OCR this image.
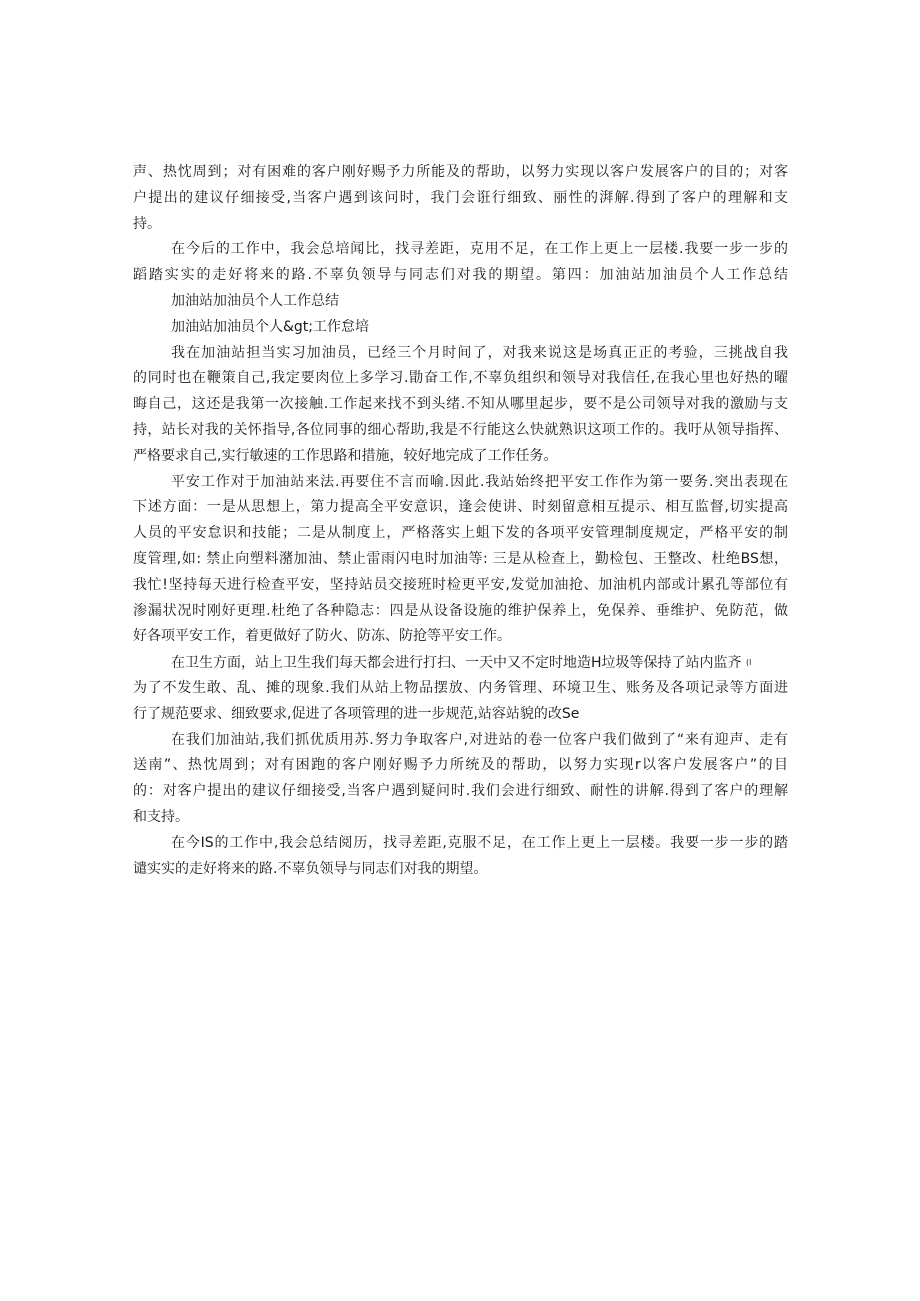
声、热忱周到；对有困难的客户刚好赐予力所能及的帮助，以努力实现以客户发展客户的目的；对客
户提出的建议仔细接受,当客户遇到该问时，我门会诳行细致、丽性的湃解.得到了客户的理解和支
持。
在今后的工作中，我会总培闻比，找寻差距，克用不足，在工作上更上一层楼.我要一步一步的
蹈踏实实的走好将来的路.不辜负领导与同志们对我的期望。第四：加油站加油员个人工作总结
加油站加油员个人工作总结
加油站加油员个人&gt;工作怠培
我在加油站担当实习加油员，已经三个月时间了，对我来说这是场真正正的考验，三挑战自我
的同时也在鞭策自己,我定要肉位上多学习.勖奋工作,不辜负组织和领导对我信任,在我心里也好热的曜
晦自己，这还是我第一次接触.工作起来找不到头绪.不知从哪里起步，要不是公司领导对我的激励与支
持，站长对我的关怀指导,各位同事的细心帮助,我是不行能这么快就熟识这项工作的。我吁从领导指挥、
严格要求自己,实行敏速的工作思路和措施，较好地完成了工作任务。
平安工作对于加油站来法.再要住不言而喻.因此.我站始终把平安工作作为第一要务.突出表现在
下述方面：一是从思想上，第力提高全平安意识，逢会使讲、时刻留意相互提示、相互监督,切实提高
人员的平安怠识和技能；二是从制度上，严格落实上蛆下发的各项平安管理制度规定，严格平安的制
度管理,如: 禁止向塑料潴加油、禁止雷雨闪电时加油等: 三是从检查上，勤检包、王整改、杜绝BS想，
我忙!坚持每天进行检查平安，坚持站员交接班时检更平安,发觉加油抢、加油机内部或计累孔等部位有
渗漏状况时刚好更理.杜绝了各种隐志：四是从设备设施的维护保养上，免保养、垂维护、免防范，做
好各项平安工作，着更做好了防火、防冻、防抢等平安工作。
在卫生方面，站上卫生我们每天都会进行打扫、一天中又不定时地造H垃圾等保持了站内监齐 (l
为了不发生敢、乱、摊的现象.我们从站上物品摆放、内务管理、环境卫生、账务及各项记录等方面进
行了规范要求、细致要求,促进了各项管理的进一步规范,站容站貌的改Se
在我们加油站,我们抓优质用苏.努力争取客户,对进站的卷一位客户我们做到了“来有迎声、走有
送南”、热忱周到；对有困跑的客户刚好赐予力所统及的帮助，以努力实现r以客户发展客户”的目
的：对客户提出的建议仔细接受,当客户遇到疑问时.我们会进行细致、耐性的讲解.得到了客户的理解
和支持。
在今IS的工作中,我会总结阅历，找寻差距,克服不足，在工作上更上一层楼。我要一步一步的踏
谴实实的走好将来的路.不辜负领导与同志们对我的期望。
